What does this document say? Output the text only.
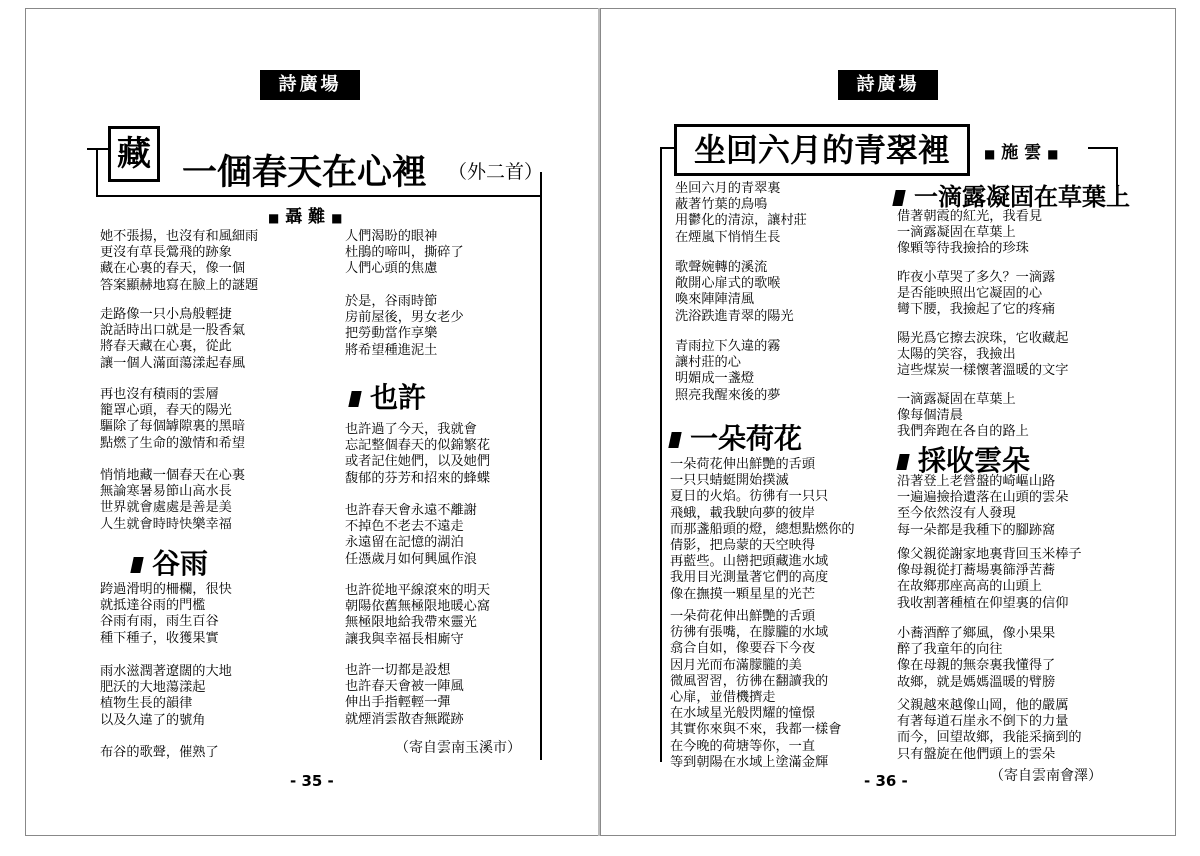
詩廣場
藏 一個春天在心裡 （外二首）
■ 聶 難 ■
她不張揚，也沒有和風細雨
更沒有草長鶯飛的跡象
藏在心裏的春天，像一個
答案顯赫地寫在臉上的謎題
走路像一只小鳥般輕捷
說話時出口就是一股香氣
將春天藏在心裏，從此
讓一個人滿面蕩漾起春風
再也沒有積雨的雲層
籠罩心頭，春天的陽光
驅除了每個罅隙裏的黑暗
點燃了生命的激情和希望
悄悄地藏一個春天在心裏
無論寒暑易節山高水長
世界就會處處是善是美
人生就會時時快樂幸福
谷雨
跨過滑明的柵欄，很快
就抵達谷雨的門檻
谷雨有雨，雨生百谷
種下種子，收獲果實
雨水滋潤著遼闊的大地
肥沃的大地蕩漾起
植物生長的韻律
以及久違了的號角
布谷的歌聲，催熟了
人們渴盼的眼神
杜鵑的啼叫，撕碎了
人們心頭的焦慮
於是，谷雨時節
房前屋後，男女老少
把勞動當作享樂
將希望種進泥土
也許
也許過了今天，我就會
忘記整個春天的似錦繁花
或者記住她們，以及她們
馥郁的芬芳和招來的蜂蝶
也許春天會永遠不離謝
不掉色不老去不遠走
永遠留在記憶的湖泊
任憑歲月如何興風作浪
也許從地平線滾來的明天
朝陽依舊無極限地暖心窩
無極限地給我帶來靈光
讓我與幸福長相廝守
也許一切都是設想
也許春天會被一陣風
伸出手指輕輕一彈
就煙消雲散杳無蹤跡
（寄自雲南玉溪市）
- 35 -
詩廣場
坐回六月的青翠裡	■ 施 雲 ■
坐回六月的青翠裏
蔽著竹葉的鳥鳴
用鬱化的清涼，讓村莊
在煙嵐下悄悄生長
歌聲婉轉的溪流
敞開心扉式的歌喉
喚來陣陣清風
洗浴跌進青翠的陽光
青雨拉下久違的霧
讓村莊的心
明媚成一盞燈
照亮我醒來後的夢
一朵荷花
一朵荷花伸出鮮艷的舌頭
一只只蜻蜓開始撲滅
夏日的火焰。彷彿有一只只
飛蛾，載我駛向夢的彼岸
而那盞船頭的燈，總想點燃你的
倩影，把烏蒙的天空映得
再藍些。山巒把頭藏進水域
我用目光測量著它們的高度
像在撫摸一顆星星的光芒
一朵荷花伸出鮮艷的舌頭
彷彿有張嘴，在朦朧的水域
翕合自如，像要吞下今夜
因月光而布滿朦朧的美
微風習習，彷彿在翻讀我的
心扉，並借機擠走
在水域星光般閃耀的憧憬
其實你來與不來，我都一樣會
在今晚的荷塘等你，一直
等到朝陽在水域上塗滿金輝
一滴露凝固在草葉上
借著朝霞的紅光，我看見
一滴露凝固在草葉上
像顆等待我撿拾的珍珠
昨夜小草哭了多久？一滴露
是否能映照出它凝固的心
彎下腰，我撿起了它的疼痛
陽光爲它擦去淚珠，它收藏起
太陽的笑容，我撿出
這些煤炭一樣懷著溫暖的文字
一滴露凝固在草葉上
像每個清晨
我們奔跑在各自的路上
採收雲朵
沿著登上老營盤的崎嶇山路
一遍遍撿拾遺落在山頭的雲朵
至今依然沒有人發現
每一朵都是我種下的腳跡窩
像父親從謝家地裏背回玉米棒子
像母親從打蕎場裏篩淨苦蕎
在故鄉那座高高的山頭上
我收割著種植在仰望裏的信仰
小蕎酒醉了鄉風，像小果果
醉了我童年的向往
像在母親的無奈裏我懂得了
故鄉，就是媽媽溫暖的臂膀
父親越來越像山岡，他的嚴厲
有著每道石崖永不倒下的力量
而今，回望故鄉，我能采摘到的
只有盤旋在他們頭上的雲朵
（寄自雲南會澤）
- 36 -
